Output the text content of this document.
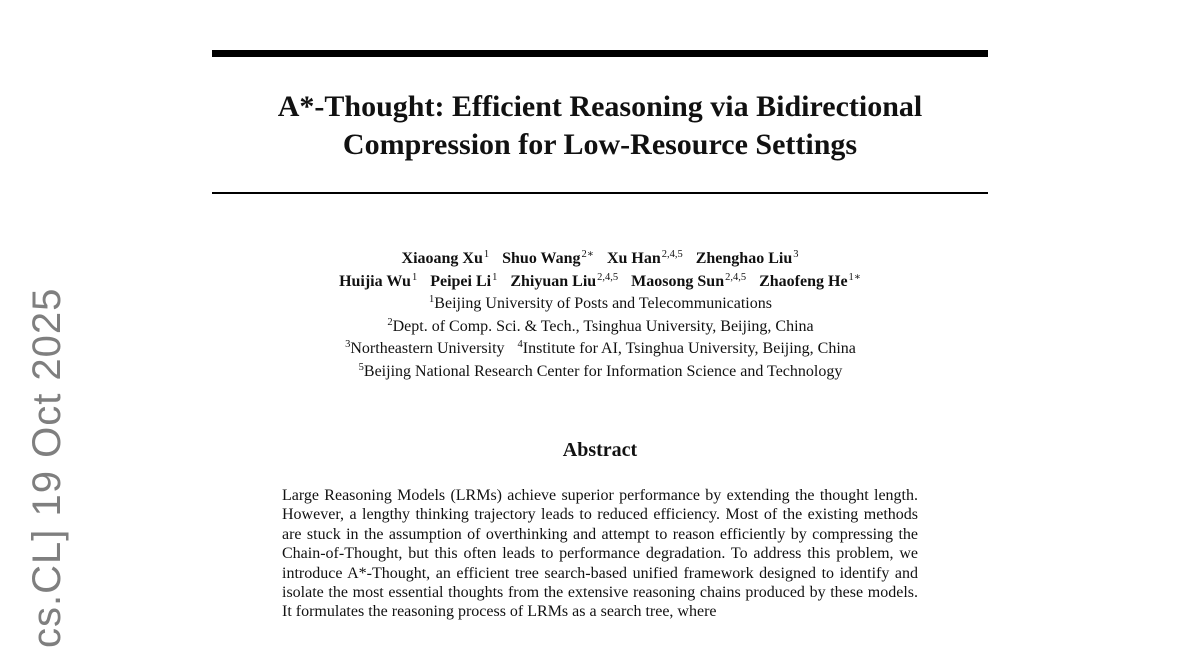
A*-Thought: Efficient Reasoning via Bidirectional
Compression for Low-Resource Settings
Xiaoang Xu$^1$ Shuo Wang$^{2∗}$ Xu Han$^{2,4,5}$ Zhenghao Liu$^3$
Huijia Wu$^1$ Peipei Li$^1$ Zhiyuan Liu$^{2,4,5}$ Maosong Sun$^{2,4,5}$ Zhaofeng $He^{1∗}$
$^1$Beijing University of Posts and Telecommunications
$^2$Dept. of Comp. Sci. & Tech., Tsinghua University, Beijing, China
$^3$Northeastern University $^4$Institute for AI, Tsinghua University, Beijing, China
$^5$Beijing National Research Center for Information Science and Technology
Abstract

Large Reasoning Models (LRMs) achieve superior performance by extending the thought length. However, a lengthy thinking trajectory leads to reduced efficiency. Most of the existing methods are stuck in the assumption of overthinking and attempt to reason efficiently by compressing the Chain-of-Thought, but this often leads to performance degradation. To address this problem, we introduce A*-Thought, an efficient tree search-based unified framework designed to identify and isolate the most essential thoughts from the extensive reasoning chains produced by these models. It formulates the reasoning process of LRMs as a search tree, where

cs.CL] 19 Oct 2025
